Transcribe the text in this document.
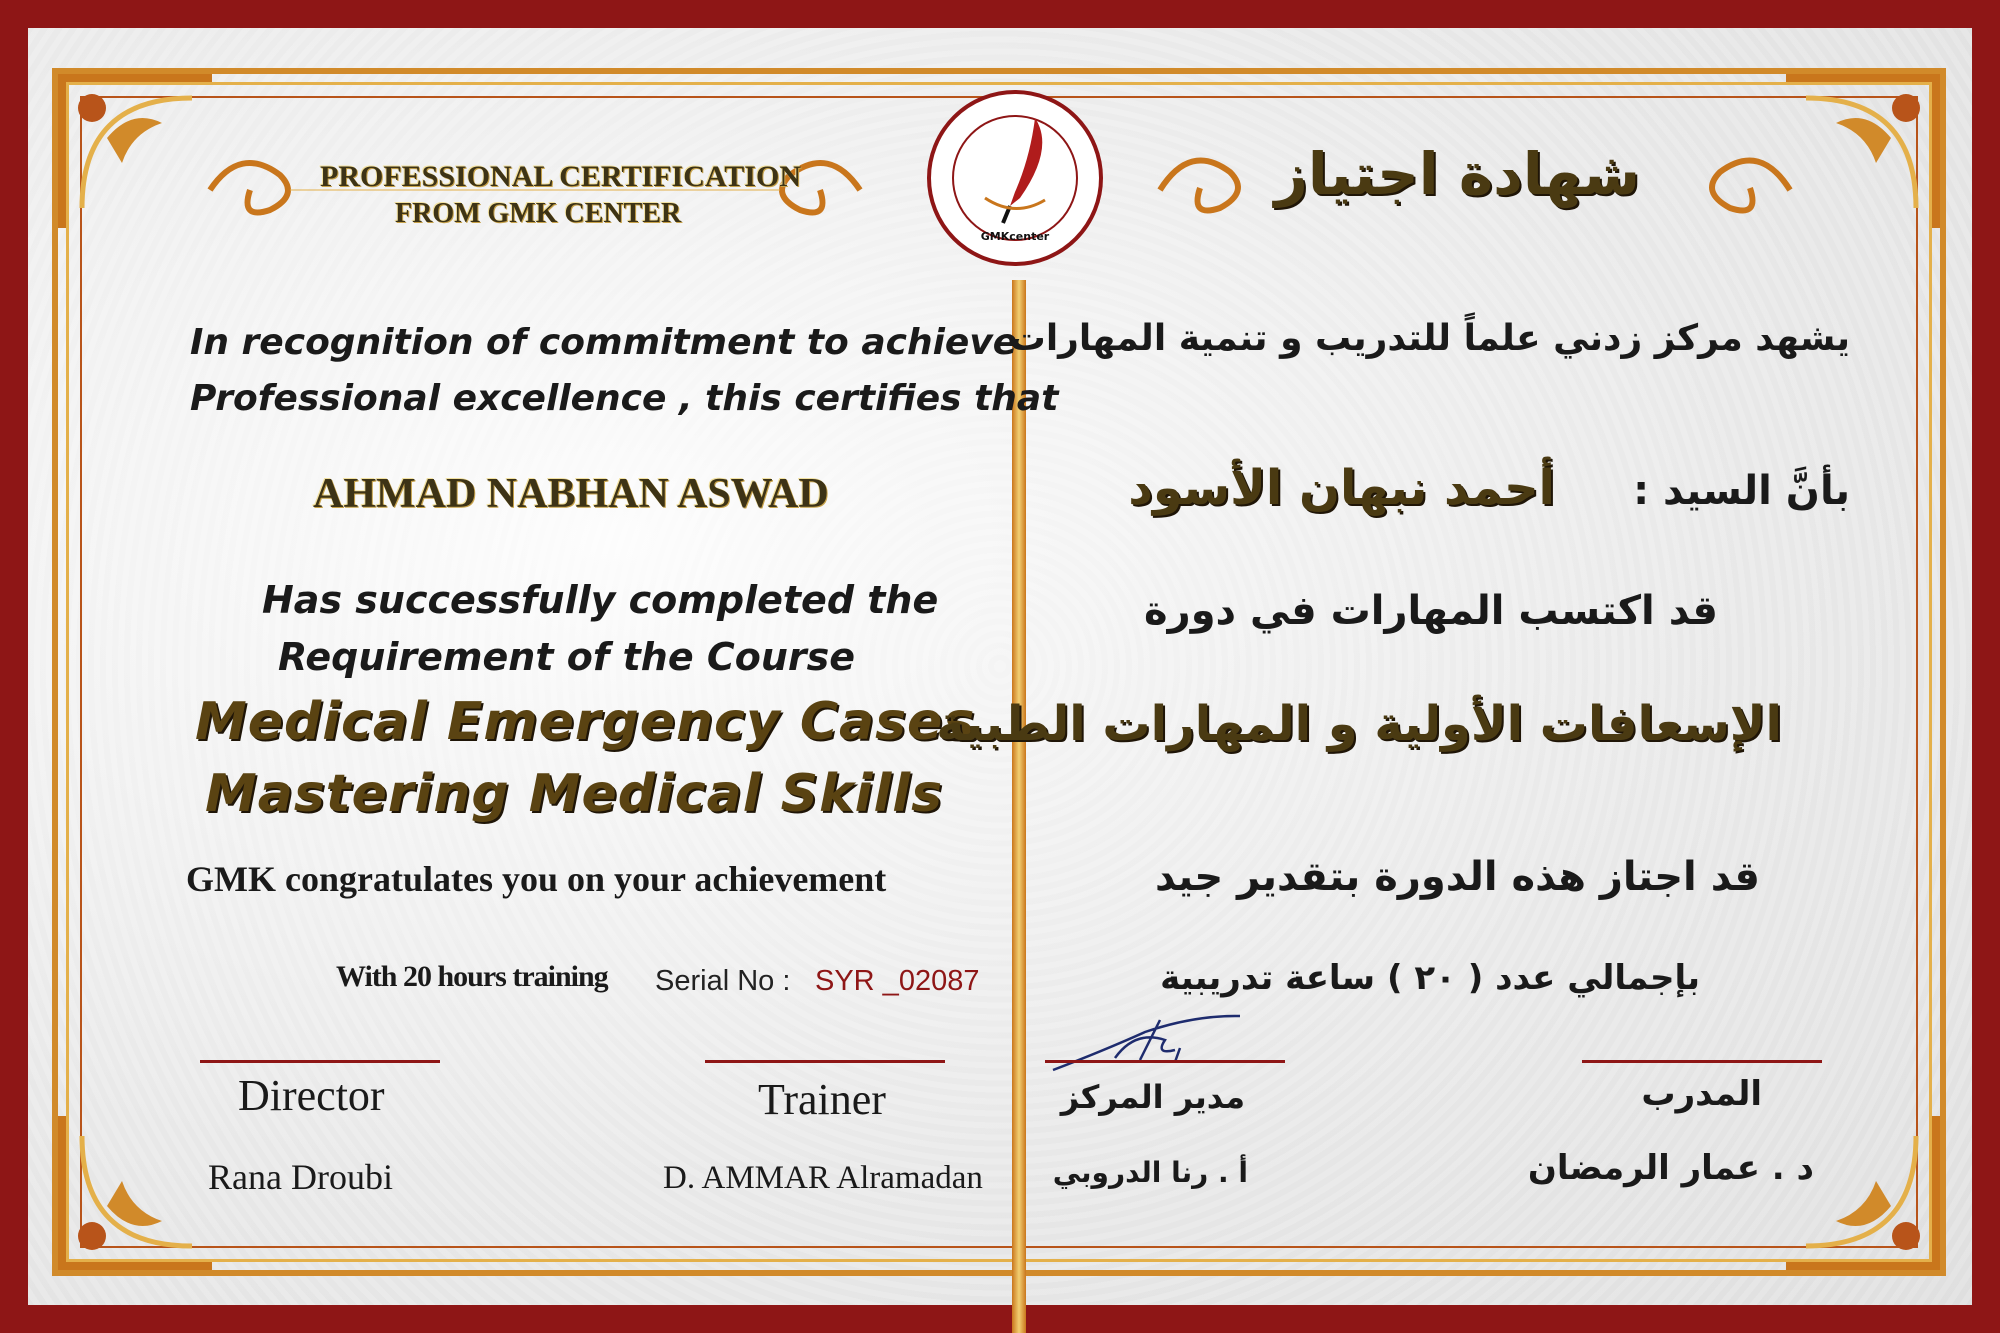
GMKcenter
PROFESSIONAL CERTIFICATION
FROM GMK CENTER
In recognition of commitment to achieve
Professional excellence , this certifies that
AHMAD NABHAN ASWAD
Has successfully completed the
Requirement of the Course
Medical Emergency Cases
Mastering Medical Skills
GMK congratulates you on your achievement
With 20 hours training Serial No : SYR _02087
Director	Trainer
Rana Droubi	D. AMMAR Alramadan
شهادة اجتياز
يشهد مركز زدني علماً للتدريب و تنمية المهارات
بأنَّ السيد :
أحمد نبهان الأسود
قد اكتسب المهارات في دورة
الإسعافات الأولية و المهارات الطبية
قد اجتاز هذه الدورة بتقدير جيد
بإجمالي عدد ( ٢٠ ) ساعة تدريبية
مدير المركز	المدرب
أ . رنا الدروبي	د . عمار الرمضان
